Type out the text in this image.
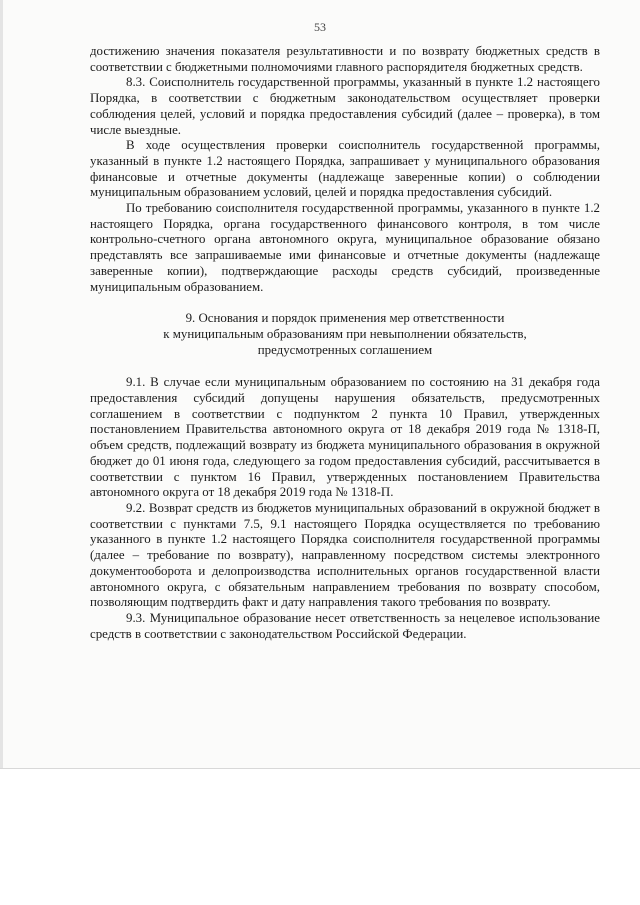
53

достижению значения показателя результативности и по возврату бюджетных средств в соответствии с бюджетными полномочиями главного распорядителя бюджетных средств.

8.3. Соисполнитель государственной программы, указанный в пункте 1.2 настоящего Порядка, в соответствии с бюджетным законодательством осуществляет проверки соблюдения целей, условий и порядка предоставления субсидий (далее – проверка), в том числе выездные.

В ходе осуществления проверки соисполнитель государственной программы, указанный в пункте 1.2 настоящего Порядка, запрашивает у муниципального образования финансовые и отчетные документы (надлежаще заверенные копии) о соблюдении муниципальным образованием условий, целей и порядка предоставления субсидий.

По требованию соисполнителя государственной программы, указанного в пункте 1.2 настоящего Порядка, органа государственного финансового контроля, в том числе контрольно-счетного органа автономного округа, муниципальное образование обязано представлять все запрашиваемые ими финансовые и отчетные документы (надлежаще заверенные копии), подтверждающие расходы средств субсидий, произведенные муниципальным образованием.

9. Основания и порядок применения мер ответственности
к муниципальным образованиям при невыполнении обязательств,
предусмотренных соглашением

9.1. В случае если муниципальным образованием по состоянию на 31 декабря года предоставления субсидий допущены нарушения обязательств, предусмотренных соглашением в соответствии с подпунктом 2 пункта 10 Правил, утвержденных постановлением Правительства автономного округа от 18 декабря 2019 года № 1318-П, объем средств, подлежащий возврату из бюджета муниципального образования в окружной бюджет до 01 июня года, следующего за годом предоставления субсидий, рассчитывается в соответствии с пунктом 16 Правил, утвержденных постановлением Правительства автономного округа от 18 декабря 2019 года № 1318-П.

9.2. Возврат средств из бюджетов муниципальных образований в окружной бюджет в соответствии с пунктами 7.5, 9.1 настоящего Порядка осуществляется по требованию указанного в пункте 1.2 настоящего Порядка соисполнителя государственной программы (далее – требование по возврату), направленному посредством системы электронного документооборота и делопроизводства исполнительных органов государственной власти автономного округа, с обязательным направлением требования по возврату способом, позволяющим подтвердить факт и дату направления такого требования по возврату.

9.3. Муниципальное образование несет ответственность за нецелевое использование средств в соответствии с законодательством Российской Федерации.
